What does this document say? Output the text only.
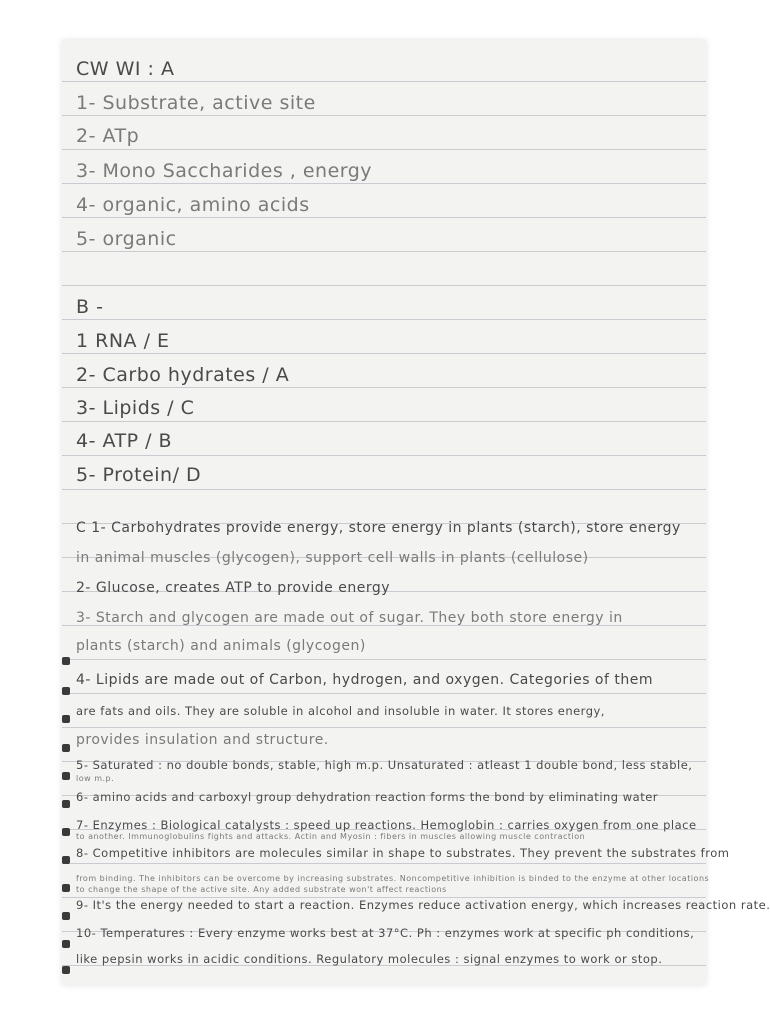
CW WI : A
1- Substrate, active site
2- ATp
3- Mono Saccharides , energy
4- organic, amino acids
5- organic
B -
1 RNA / E
2- Carbo hydrates / A
3- Lipids / C
4- ATP / B
5- Protein/ D
C 1- Carbohydrates provide energy, store energy in plants (starch), store energy
in animal muscles (glycogen), support cell walls in plants (cellulose)
2- Glucose, creates ATP to provide energy
3- Starch and glycogen are made out of sugar. They both store energy in
plants (starch) and animals (glycogen)
4- Lipids are made out of Carbon, hydrogen, and oxygen. Categories of them
are fats and oils. They are soluble in alcohol and insoluble in water. It stores energy,
provides insulation and structure.
5- Saturated : no double bonds, stable, high m.p. Unsaturated : atleast 1 double bond, less stable,
low m.p.
6- amino acids and carboxyl group dehydration reaction forms the bond by eliminating water
7- Enzymes : Biological catalysts : speed up reactions. Hemoglobin : carries oxygen from one place
to another. Immunoglobulins fights and attacks. Actin and Myosin : fibers in muscles allowing muscle contraction
8- Competitive inhibitors are molecules similar in shape to substrates. They prevent the substrates from
from binding. The inhibitors can be overcome by increasing substrates. Noncompetitive inhibition is binded to the enzyme at other locations
to change the shape of the active site. Any added substrate won't affect reactions
9- It's the energy needed to start a reaction. Enzymes reduce activation energy, which increases reaction rate.
10- Temperatures : Every enzyme works best at 37°C. Ph : enzymes work at specific ph conditions,
like pepsin works in acidic conditions. Regulatory molecules : signal enzymes to work or stop.
